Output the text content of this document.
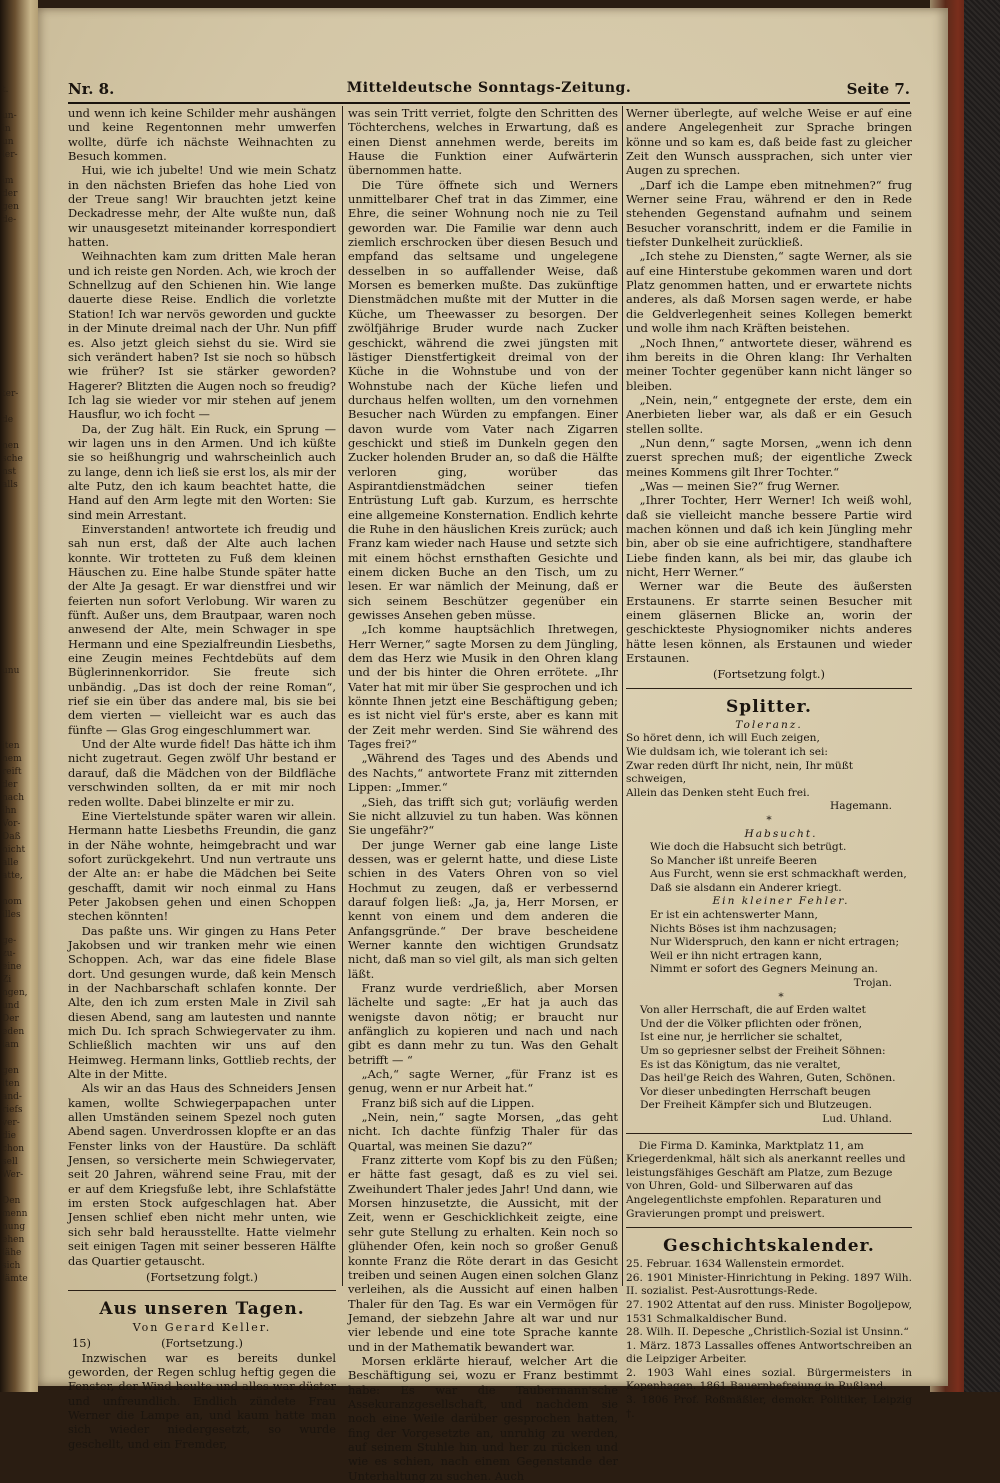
t.

un-
in
un
ler-

im
der
gen
de-
ter-

de

nen
sche
nst
alls
unu
jten
nem
reift
der
nach
ihn
Vor-
Daß
nicht
alle
atte,

nom
illes

ge-
zu-
eine
Zi
ngen,
und
Der
eden
lam

gen
lten
and-
riefs
ver-
die
chon
sell
Wer-

Den
menn
nung
ehen
lähe
sich
lämte
Nr. 8.	Mitteldeutsche Sonntags-Zeitung.	Seite 7.

und wenn ich keine Schilder mehr aushängen und keine Regentonnen mehr umwerfen wollte, dürfe ich nächste Weihnachten zu Besuch kommen.

Hui, wie ich jubelte! Und wie mein Schatz in den nächsten Briefen das hohe Lied von der Treue sang! Wir brauchten jetzt keine Deckadresse mehr, der Alte wußte nun, daß wir unausgesetzt miteinander korrespondiert hatten.

Weihnachten kam zum dritten Male heran und ich reiste gen Norden. Ach, wie kroch der Schnellzug auf den Schienen hin. Wie lange dauerte diese Reise. Endlich die vorletzte Station! Ich war nervös geworden und guckte in der Minute dreimal nach der Uhr. Nun pfiff es. Also jetzt gleich siehst du sie. Wird sie sich verändert haben? Ist sie noch so hübsch wie früher? Ist sie stärker geworden? Hagerer? Blitzten die Augen noch so freudig? Ich lag sie wieder vor mir stehen auf jenem Hausflur, wo ich focht —

Da, der Zug hält. Ein Ruck, ein Sprung — wir lagen uns in den Armen. Und ich küßte sie so heißhungrig und wahrscheinlich auch zu lange, denn ich ließ sie erst los, als mir der alte Putz, den ich kaum beachtet hatte, die Hand auf den Arm legte mit den Worten: Sie sind mein Arrestant.

Einverstanden! antwortete ich freudig und sah nun erst, daß der Alte auch lachen konnte. Wir trotteten zu Fuß dem kleinen Häuschen zu. Eine halbe Stunde später hatte der Alte Ja gesagt. Er war dienstfrei und wir feierten nun sofort Verlobung. Wir waren zu fünft. Außer uns, dem Brautpaar, waren noch anwesend der Alte, mein Schwager in spe Hermann und eine Spezialfreundin Liesbeths, eine Zeugin meines Fechtdebüts auf dem Büglerinnenkorridor. Sie freute sich unbändig. „Das ist doch der reine Roman“, rief sie ein über das andere mal, bis sie bei dem vierten — vielleicht war es auch das fünfte — Glas Grog eingeschlummert war.

Und der Alte wurde fidel! Das hätte ich ihm nicht zugetraut. Gegen zwölf Uhr bestand er darauf, daß die Mädchen von der Bildfläche verschwinden sollten, da er mit mir noch reden wollte. Dabei blinzelte er mir zu.

Eine Viertelstunde später waren wir allein. Hermann hatte Liesbeths Freundin, die ganz in der Nähe wohnte, heimgebracht und war sofort zurückgekehrt. Und nun vertraute uns der Alte an: er habe die Mädchen bei Seite geschafft, damit wir noch einmal zu Hans Peter Jakobsen gehen und einen Schoppen stechen könnten!

Das paßte uns. Wir gingen zu Hans Peter Jakobsen und wir tranken mehr wie einen Schoppen. Ach, war das eine fidele Blase dort. Und gesungen wurde, daß kein Mensch in der Nachbarschaft schlafen konnte. Der Alte, den ich zum ersten Male in Zivil sah diesen Abend, sang am lautesten und nannte mich Du. Ich sprach Schwiegervater zu ihm. Schließlich machten wir uns auf den Heimweg. Hermann links, Gottlieb rechts, der Alte in der Mitte.

Als wir an das Haus des Schneiders Jensen kamen, wollte Schwiegerpapachen unter allen Umständen seinem Spezel noch guten Abend sagen. Unverdrossen klopfte er an das Fenster links von der Haustüre. Da schläft Jensen, so versicherte mein Schwiegervater, seit 20 Jahren, während seine Frau, mit der er auf dem Kriegsfuße lebt, ihre Schlafstätte im ersten Stock aufgeschlagen hat. Aber Jensen schlief eben nicht mehr unten, wie sich sehr bald herausstellte. Hatte vielmehr seit einigen Tagen mit seiner besseren Hälfte das Quartier getauscht.

(Fortsetzung folgt.)
Aus unseren Tagen.
Von Gerard Keller.
15)	(Fortsetzung.)

Inzwischen war es bereits dunkel geworden, der Regen schlug heftig gegen die Fenster, der Wind heulte und alles war düster und unfreundlich. Endlich zündete Frau Werner die Lampe an, und kaum hatte man sich wieder niedergesetzt, so wurde geschellt, und ein Fremder,

was sein Tritt verriet, folgte den Schritten des Töchterchens, welches in Erwartung, daß es einen Dienst annehmen werde, bereits im Hause die Funktion einer Aufwärterin übernommen hatte.

Die Türe öffnete sich und Werners unmittelbarer Chef trat in das Zimmer, eine Ehre, die seiner Wohnung noch nie zu Teil geworden war. Die Familie war denn auch ziemlich erschrocken über diesen Besuch und empfand das seltsame und ungelegene desselben in so auffallender Weise, daß Morsen es bemerken mußte. Das zukünftige Dienstmädchen mußte mit der Mutter in die Küche, um Theewasser zu besorgen. Der zwölfjährige Bruder wurde nach Zucker geschickt, während die zwei jüngsten mit lästiger Dienstfertigkeit dreimal von der Küche in die Wohnstube und von der Wohnstube nach der Küche liefen und durchaus helfen wollten, um den vornehmen Besucher nach Würden zu empfangen. Einer davon wurde vom Vater nach Zigarren geschickt und stieß im Dunkeln gegen den Zucker holenden Bruder an, so daß die Hälfte verloren ging, worüber das Aspirantdienstmädchen seiner tiefen Entrüstung Luft gab. Kurzum, es herrschte eine allgemeine Konsternation. Endlich kehrte die Ruhe in den häuslichen Kreis zurück; auch Franz kam wieder nach Hause und setzte sich mit einem höchst ernsthaften Gesichte und einem dicken Buche an den Tisch, um zu lesen. Er war nämlich der Meinung, daß er sich seinem Beschützer gegenüber ein gewisses Ansehen geben müsse.

„Ich komme hauptsächlich Ihretwegen, Herr Werner,“ sagte Morsen zu dem Jüngling, dem das Herz wie Musik in den Ohren klang und der bis hinter die Ohren errötete. „Ihr Vater hat mit mir über Sie gesprochen und ich könnte Ihnen jetzt eine Beschäftigung geben; es ist nicht viel für's erste, aber es kann mit der Zeit mehr werden. Sind Sie während des Tages frei?“

„Während des Tages und des Abends und des Nachts,“ antwortete Franz mit zitternden Lippen: „Immer.“

„Sieh, das trifft sich gut; vorläufig werden Sie nicht allzuviel zu tun haben. Was können Sie ungefähr?“

Der junge Werner gab eine lange Liste dessen, was er gelernt hatte, und diese Liste schien in des Vaters Ohren von so viel Hochmut zu zeugen, daß er verbessernd darauf folgen ließ: „Ja, ja, Herr Morsen, er kennt von einem und dem anderen die Anfangsgründe.“ Der brave bescheidene Werner kannte den wichtigen Grundsatz nicht, daß man so viel gilt, als man sich gelten läßt.

Franz wurde verdrießlich, aber Morsen lächelte und sagte: „Er hat ja auch das wenigste davon nötig; er braucht nur anfänglich zu kopieren und nach und nach gibt es dann mehr zu tun. Was den Gehalt betrifft — “

„Ach,“ sagte Werner, „für Franz ist es genug, wenn er nur Arbeit hat.“

Franz biß sich auf die Lippen.

„Nein, nein,“ sagte Morsen, „das geht nicht. Ich dachte fünfzig Thaler für das Quartal, was meinen Sie dazu?“

Franz zitterte vom Kopf bis zu den Füßen; er hätte fast gesagt, daß es zu viel sei. Zweihundert Thaler jedes Jahr! Und dann, wie Morsen hinzusetzte, die Aussicht, mit der Zeit, wenn er Geschicklichkeit zeigte, eine sehr gute Stellung zu erhalten. Kein noch so glühender Ofen, kein noch so großer Genuß konnte Franz die Röte derart in das Gesicht treiben und seinen Augen einen solchen Glanz verleihen, als die Aussicht auf einen halben Thaler für den Tag. Es war ein Vermögen für Jemand, der siebzehn Jahre alt war und nur vier lebende und eine tote Sprache kannte und in der Mathematik bewandert war.

Morsen erklärte hierauf, welcher Art die Beschäftigung sei, wozu er Franz bestimmt habe: Es war die Taubermann'sche Assekuranzgesellschaft, und nachdem sie noch eine Weile darüber gesprochen hatten, fing der Vorgesetzte an, unruhig zu werden, auf seinem Stuhle hin und her zu rücken und wie es schien, nach einem Gegenstande der Unterhaltung zu suchen. Auch

Werner überlegte, auf welche Weise er auf eine andere Angelegenheit zur Sprache bringen könne und so kam es, daß beide fast zu gleicher Zeit den Wunsch aussprachen, sich unter vier Augen zu sprechen.

„Darf ich die Lampe eben mitnehmen?“ frug Werner seine Frau, während er den in Rede stehenden Gegenstand aufnahm und seinem Besucher voranschritt, indem er die Familie in tiefster Dunkelheit zurückließ.

„Ich stehe zu Diensten,“ sagte Werner, als sie auf eine Hinterstube gekommen waren und dort Platz genommen hatten, und er erwartete nichts anderes, als daß Morsen sagen werde, er habe die Geldverlegenheit seines Kollegen bemerkt und wolle ihm nach Kräften beistehen.

„Noch Ihnen,“ antwortete dieser, während es ihm bereits in die Ohren klang: Ihr Verhalten meiner Tochter gegenüber kann nicht länger so bleiben.

„Nein, nein,“ entgegnete der erste, dem ein Anerbieten lieber war, als daß er ein Gesuch stellen sollte.

„Nun denn,“ sagte Morsen, „wenn ich denn zuerst sprechen muß; der eigentliche Zweck meines Kommens gilt Ihrer Tochter.“

„Was — meinen Sie?“ frug Werner.

„Ihrer Tochter, Herr Werner! Ich weiß wohl, daß sie vielleicht manche bessere Partie wird machen können und daß ich kein Jüngling mehr bin, aber ob sie eine aufrichtigere, standhaftere Liebe finden kann, als bei mir, das glaube ich nicht, Herr Werner.“

Werner war die Beute des äußersten Erstaunens. Er starrte seinen Besucher mit einem gläsernen Blicke an, worin der geschickteste Physiognomiker nichts anderes hätte lesen können, als Erstaunen und wieder Erstaunen.

(Fortsetzung folgt.)
Splitter.

Toleranz.

So höret denn, ich will Euch zeigen,

Wie duldsam ich, wie tolerant ich sei:

Zwar reden dürft Ihr nicht, nein, Ihr müßt schweigen,

Allein das Denken steht Euch frei.

Hagemann.

*

Habsucht.

Wie doch die Habsucht sich betrügt.

So Mancher ißt unreife Beeren

Aus Furcht, wenn sie erst schmackhaft werden,

Daß sie alsdann ein Anderer kriegt.

Ein kleiner Fehler.

Er ist ein achtenswerter Mann,

Nichts Böses ist ihm nachzusagen;

Nur Widerspruch, den kann er nicht ertragen;

Weil er ihn nicht ertragen kann,

Nimmt er sofort des Gegners Meinung an.

Trojan.

*

Von aller Herrschaft, die auf Erden waltet

Und der die Völker pflichten oder frönen,

Ist eine nur, je herrlicher sie schaltet,

Um so gepriesner selbst der Freiheit Söhnen:

Es ist das Königtum, das nie veraltet,

Das heil'ge Reich des Wahren, Guten, Schönen.

Vor dieser unbedingten Herrschaft beugen

Der Freiheit Kämpfer sich und Blutzeugen.

Lud. Uhland.

Die Firma D. Kaminka, Marktplatz 11, am Kriegerdenkmal, hält sich als anerkannt reelles und leistungsfähiges Geschäft am Platze, zum Bezuge von Uhren, Gold- und Silberwaren auf das Angelegentlichste empfohlen. Reparaturen und Gravierungen prompt und preiswert.

Geschichtskalender.

25. Februar. 1634 Wallenstein ermordet.

26. 1901 Minister-Hinrichtung in Peking. 1897 Wilh. II. sozialist. Pest-Ausrottungs-Rede.

27. 1902 Attentat auf den russ. Minister Bogoljepow, 1531 Schmalkaldischer Bund.

28. Wilh. II. Depesche „Christlich-Sozial ist Unsinn.“

1. März. 1873 Lassalles offenes Antwortschreiben an die Leipziger Arbeiter.

2. 1903 Wahl eines sozial. Bürgermeisters in Kopenhagen. 1861 Bauernbefreiung in Rußland.

3. 1806 Prof. Roßmäßler, demokr. Politiker, Leipzig †.
